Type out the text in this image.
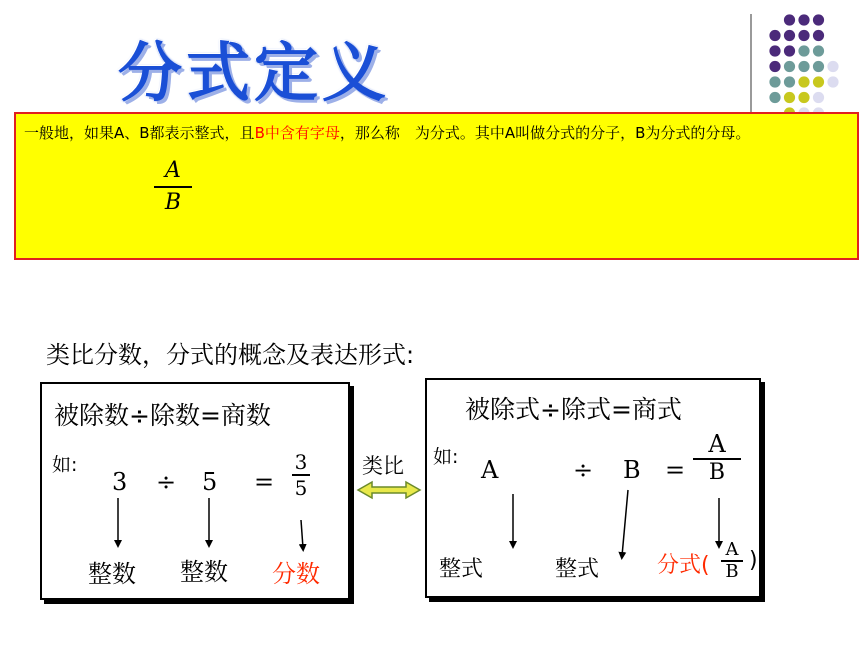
分式定义
一般地，如果A、B都表示整式，且B中含有字母，那么称　为分式。其中A叫做分式的分子，B为分式的分母。
A
B
类比分数，分式的概念及表达形式:
被除数÷除数=商数
如:
3 ÷ 5 =
3
5
整数 整数 分数
类比
被除式÷除式=商式
如: A	÷ B =
A
B
整式	整式	分式(
A
B )
